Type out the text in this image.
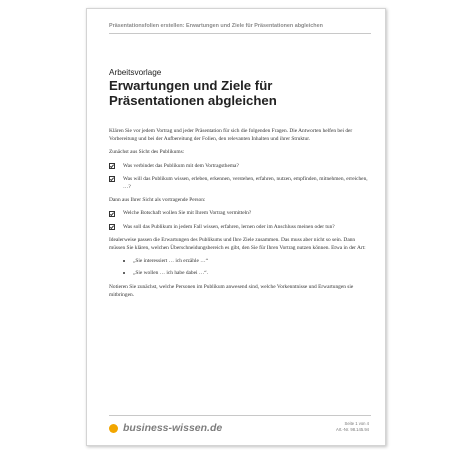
Präsentationsfolien erstellen: Erwartungen und Ziele für Präsentationen abgleichen
Arbeitsvorlage
Erwartungen und Ziele für Präsentationen abgleichen

Klären Sie vor jedem Vortrag und jeder Präsentation für sich die folgenden Fragen. Die Antworten helfen bei der Vorbereitung und bei der Aufbereitung der Folien, den relevanten Inhalten und ihrer Struktur.

Zunächst aus Sicht des Publikums:

Was verbindet das Publikum mit dem Vortragsthema?
Was will das Publikum wissen, erleben, erkennen, verstehen, erfahren, nutzen, empfinden, mitnehmen, erreichen, …?

Dann aus Ihrer Sicht als vortragende Person:

Welche Botschaft wollen Sie mit Ihrem Vortrag vermitteln?
Was soll das Publikum in jedem Fall wissen, erfahren, lernen oder im Anschluss meinen oder tun?

Idealerweise passen die Erwartungen des Publikums und Ihre Ziele zusammen. Das muss aber nicht so sein. Dann müssen Sie klären, welchen Überschneidungsbereich es gibt, den Sie für Ihren Vortrag nutzen können. Etwa in der Art:

„Sie interessiert … ich erzähle …“
„Sie wollen … ich habe dabei …“.

Notieren Sie zunächst, welche Personen im Publikum anwesend sind, welche Vorkenntnisse und Erwartungen sie mitbringen.

business-wissen.de	Seite 1 von 4
Art.-Nr. 98.145.94
